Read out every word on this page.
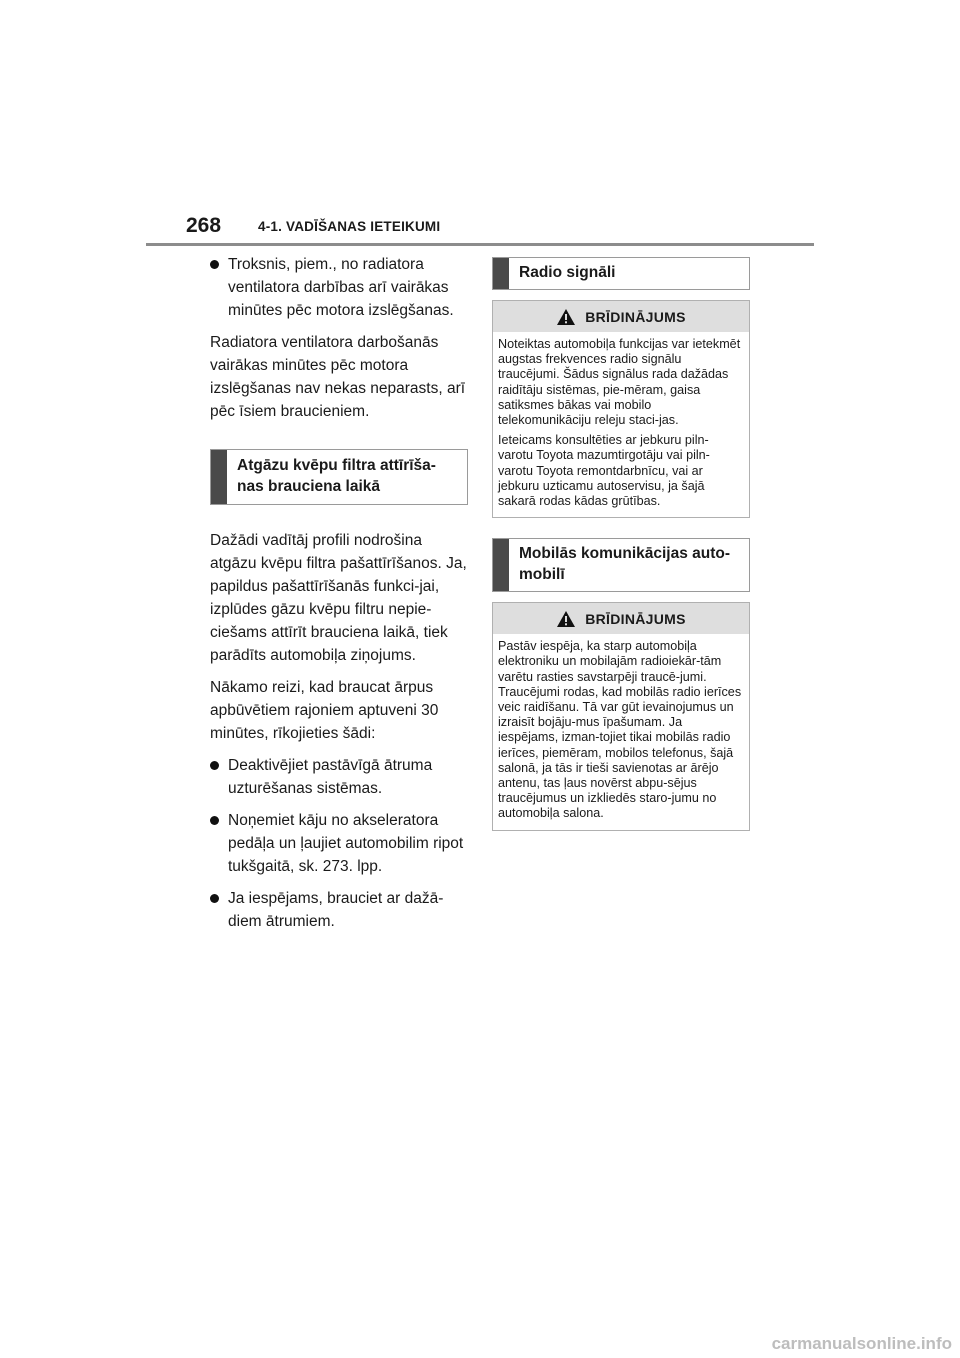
268	4-1. VADĪŠANAS IETEIKUMI
Troksnis, piem., no radiatora ventilatora darbības arī vairākas minūtes pēc motora izslēgšanas.

Radiatora ventilatora darbošanās vairākas minūtes pēc motora izslēgšanas nav nekas neparasts, arī pēc īsiem braucieniem.

Atgāzu kvēpu filtra attīrīša-nas brauciena laikā

Dažādi vadītāj profili nodrošina atgāzu kvēpu filtra pašattīrīšanos. Ja, papildus pašattīrīšanās funkci-jai, izplūdes gāzu kvēpu filtru nepie-ciešams attīrīt brauciena laikā, tiek parādīts automobiļa ziņojums.

Nākamo reizi, kad braucat ārpus apbūvētiem rajoniem aptuveni 30 minūtes, rīkojieties šādi:

Deaktivējiet pastāvīgā ātruma uzturēšanas sistēmas.
Noņemiet kāju no akseleratora pedāļa un ļaujiet automobilim ripot tukšgaitā, sk. 273. lpp.
Ja iespējams, brauciet ar dažā-diem ātrumiem.
Radio signāli
BRĪDINĀJUMS

Noteiktas automobiļa funkcijas var ietekmēt augstas frekvences radio signālu traucējumi. Šādus signālus rada dažādas raidītāju sistēmas, pie-mēram, gaisa satiksmes bākas vai mobilo telekomunikāciju releju staci-jas.

Ieteicams konsultēties ar jebkuru piln-varotu Toyota mazumtirgotāju vai piln-varotu Toyota remontdarbnīcu, vai ar jebkuru uzticamu autoservisu, ja šajā sakarā rodas kādas grūtības.

Mobilās komunikācijas auto-mobilī
BRĪDINĀJUMS

Pastāv iespēja, ka starp automobiļa elektroniku un mobilajām radioiekār-tām varētu rasties savstarpēji traucē-jumi. Traucējumi rodas, kad mobilās radio ierīces veic raidīšanu. Tā var gūt ievainojumus un izraisīt bojāju-mus īpašumam. Ja iespējams, izman-tojiet tikai mobilās radio ierīces, piemēram, mobilos telefonus, šajā salonā, ja tās ir tieši savienotas ar ārējo antenu, tas ļaus novērst abpu-sējus traucējumus un izkliedēs staro-jumu no automobiļa salona.

carmanualsonline.info
